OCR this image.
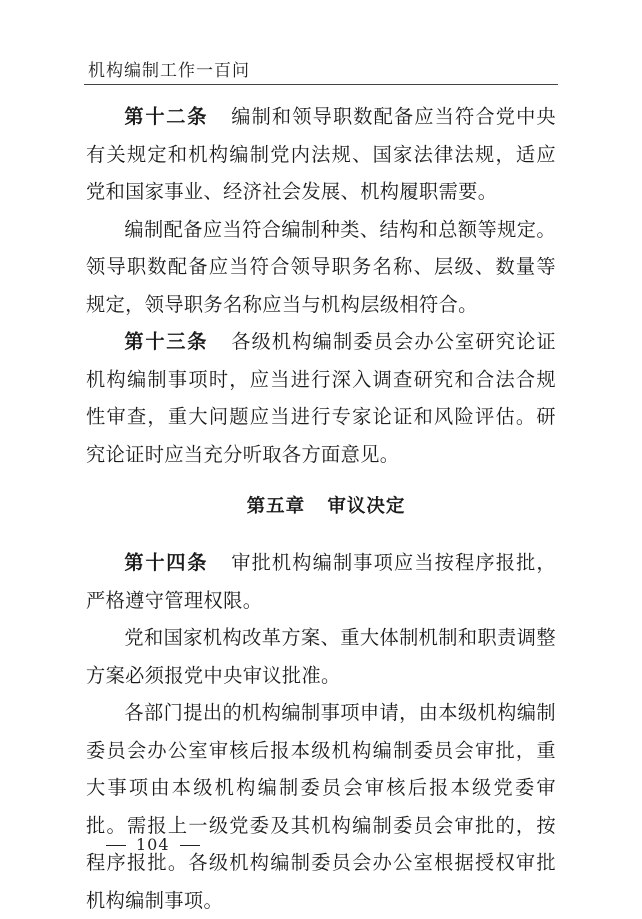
机构编制工作一百问

第十二条 编制和领导职数配备应当符合党中央有关规定和机构编制党内法规、国家法律法规，适应党和国家事业、经济社会发展、机构履职需要。

编制配备应当符合编制种类、结构和总额等规定。领导职数配备应当符合领导职务名称、层级、数量等规定，领导职务名称应当与机构层级相符合。

第十三条 各级机构编制委员会办公室研究论证机构编制事项时，应当进行深入调查研究和合法合规性审查，重大问题应当进行专家论证和风险评估。研究论证时应当充分听取各方面意见。

第五章 审议决定

第十四条 审批机构编制事项应当按程序报批，严格遵守管理权限。

党和国家机构改革方案、重大体制机制和职责调整方案必须报党中央审议批准。

各部门提出的机构编制事项申请，由本级机构编制委员会办公室审核后报本级机构编制委员会审批，重大事项由本级机构编制委员会审核后报本级党委审批。需报上一级党委及其机构编制委员会审批的，按程序报批。各级机构编制委员会办公室根据授权审批机构编制事项。

104
